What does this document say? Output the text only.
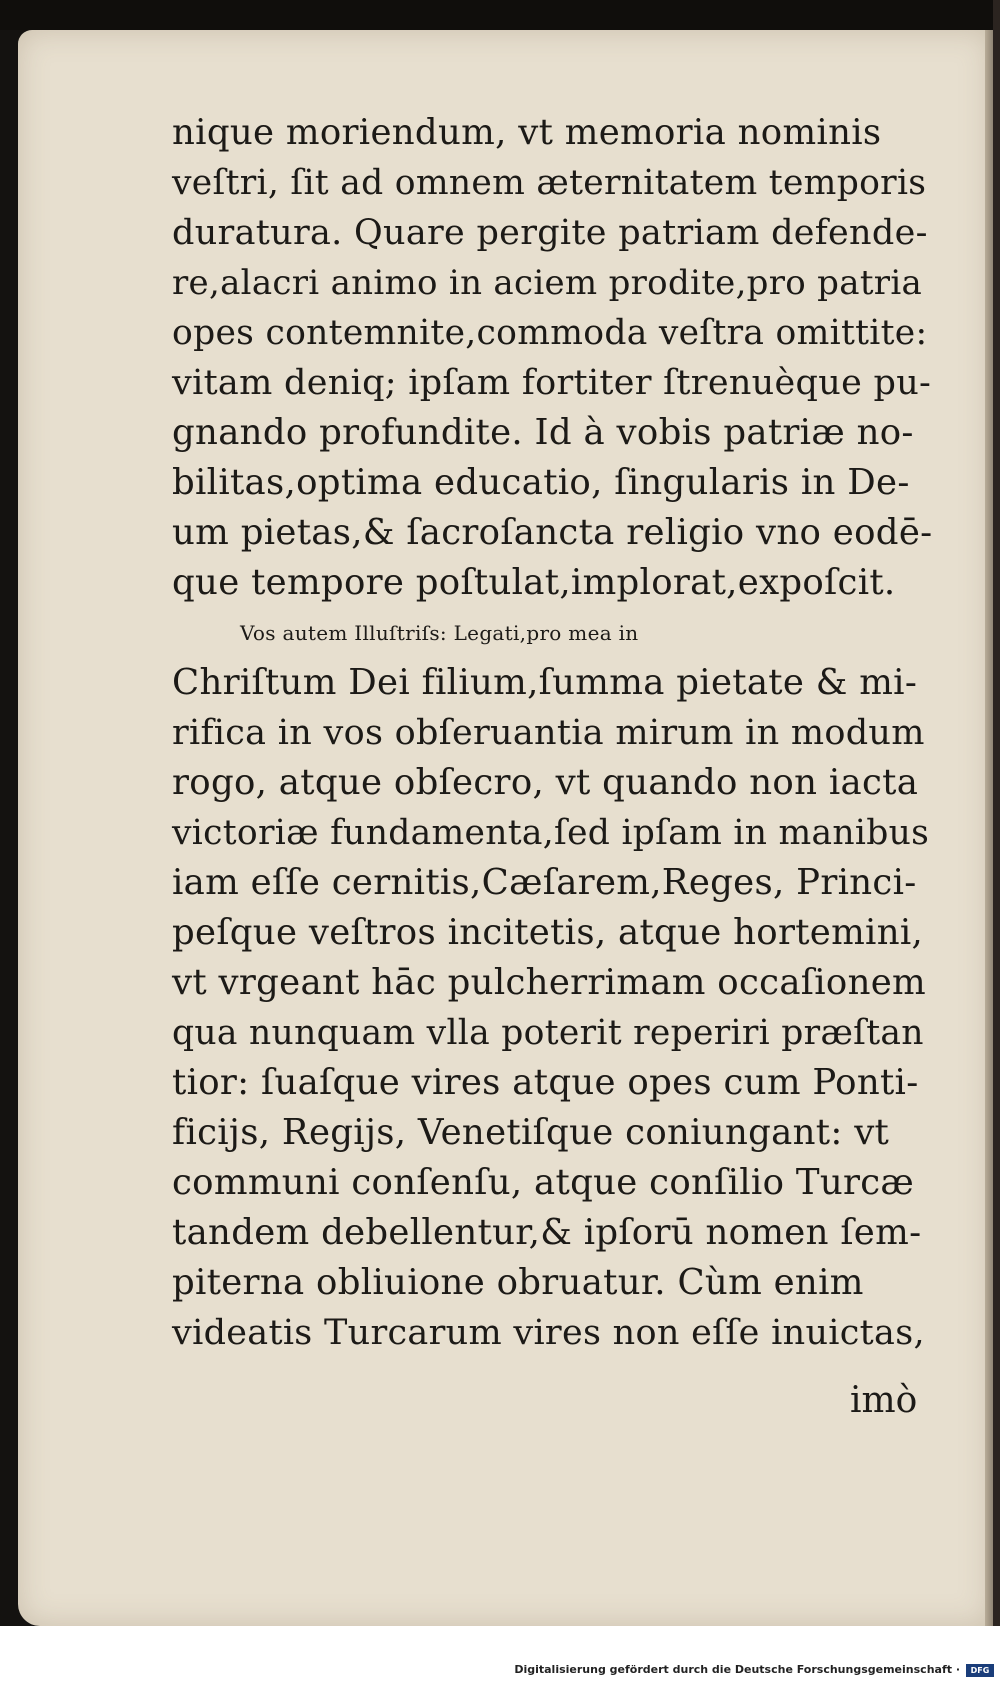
nique moriendum, vt memoria nominis
veſtri, ſit ad omnem æternitatem temporis
duratura. Quare pergite patriam defende-
re,alacri animo in aciem prodite,pro patria
opes contemnite,commoda veſtra omittite:
vitam deniq; ipſam fortiter ſtrenuèque pu-
gnando profundite. Id à vobis patriæ no-
bilitas,optima educatio, ſingularis in De-
um pietas,& ſacroſancta religio vno eodē-
que tempore poſtulat,implorat,expoſcit.
Vos autem Illuſtriſs: Legati,pro mea in
Chriſtum Dei filium,ſumma pietate & mi-
rifica in vos obſeruantia mirum in modum
rogo, atque obſecro, vt quando non iacta
victoriæ fundamenta,ſed ipſam in manibus
iam eſſe cernitis,Cæſarem,Reges, Princi-
peſque veſtros incitetis, atque hortemini,
vt vrgeant hāc pulcherrimam occaſionem
qua nunquam vlla poterit reperiri præſtan
tior: ſuaſque vires atque opes cum Ponti-
ficijs, Regijs, Venetiſque coniungant: vt
communi conſenſu, atque conſilio Turcæ
tandem debellentur,& ipſorū nomen ſem-
piterna obliuione obruatur. Cùm enim
videatis Turcarum vires non eſſe inuictas,
imò
Digitalisierung gefördert durch die Deutsche Forschungsgemeinschaft ·	DFG
